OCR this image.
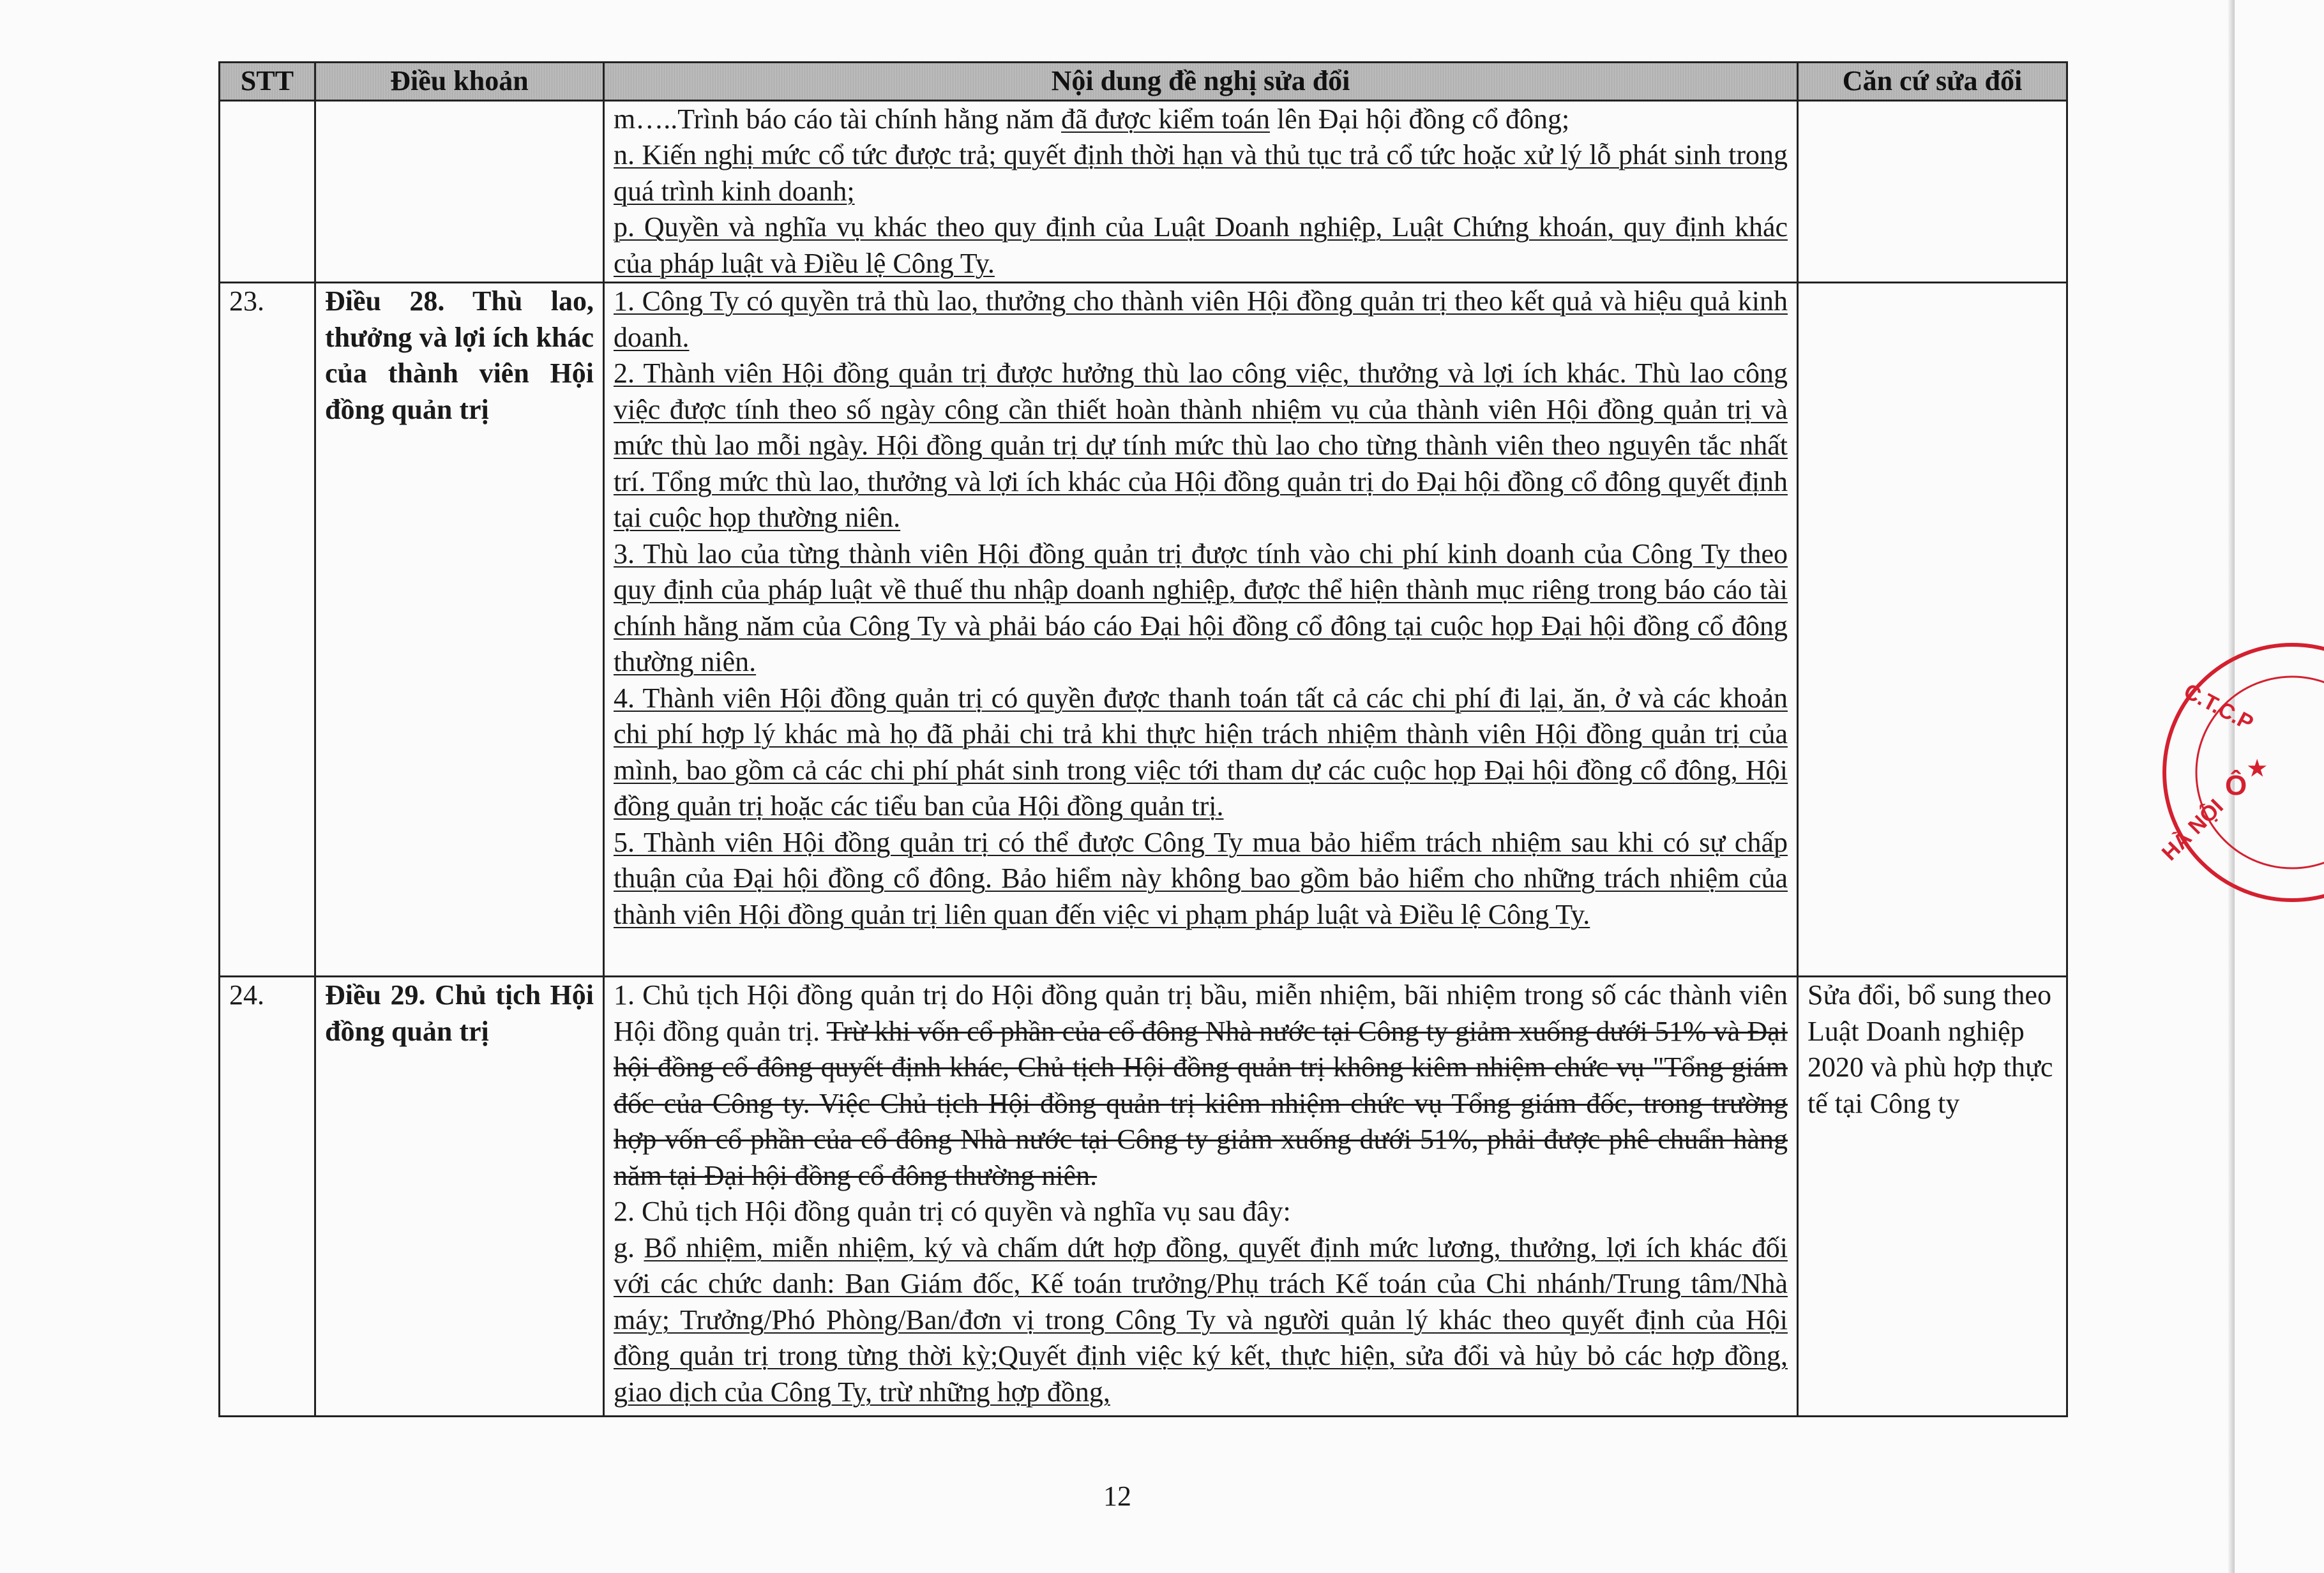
STT	Điều khoản	Nội dung đề nghị sửa đổi	Căn cứ sửa đổi

		m…..Trình báo cáo tài chính hằng năm đã được kiểm toán lên Đại hội đồng cổ đông;
n. Kiến nghị mức cổ tức được trả; quyết định thời hạn và thủ tục trả cổ tức hoặc xử lý lỗ phát sinh trong quá trình kinh doanh;
p. Quyền và nghĩa vụ khác theo quy định của Luật Doanh nghiệp, Luật Chứng khoán, quy định khác của pháp luật và Điều lệ Công Ty.	

23.	Điều 28. Thù lao, thưởng và lợi ích khác của thành viên Hội đồng quản trị	1. Công Ty có quyền trả thù lao, thưởng cho thành viên Hội đồng quản trị theo kết quả và hiệu quả kinh doanh.
2. Thành viên Hội đồng quản trị được hưởng thù lao công việc, thưởng và lợi ích khác. Thù lao công việc được tính theo số ngày công cần thiết hoàn thành nhiệm vụ của thành viên Hội đồng quản trị và mức thù lao mỗi ngày. Hội đồng quản trị dự tính mức thù lao cho từng thành viên theo nguyên tắc nhất trí. Tổng mức thù lao, thưởng và lợi ích khác của Hội đồng quản trị do Đại hội đồng cổ đông quyết định tại cuộc họp thường niên.
3. Thù lao của từng thành viên Hội đồng quản trị được tính vào chi phí kinh doanh của Công Ty theo quy định của pháp luật về thuế thu nhập doanh nghiệp, được thể hiện thành mục riêng trong báo cáo tài chính hằng năm của Công Ty và phải báo cáo Đại hội đồng cổ đông tại cuộc họp Đại hội đồng cổ đông thường niên.
4. Thành viên Hội đồng quản trị có quyền được thanh toán tất cả các chi phí đi lại, ăn, ở và các khoản chi phí hợp lý khác mà họ đã phải chi trả khi thực hiện trách nhiệm thành viên Hội đồng quản trị của mình, bao gồm cả các chi phí phát sinh trong việc tới tham dự các cuộc họp Đại hội đồng cổ đông, Hội đồng quản trị hoặc các tiểu ban của Hội đồng quản trị.
5. Thành viên Hội đồng quản trị có thể được Công Ty mua bảo hiểm trách nhiệm sau khi có sự chấp thuận của Đại hội đồng cổ đông. Bảo hiểm này không bao gồm bảo hiểm cho những trách nhiệm của thành viên Hội đồng quản trị liên quan đến việc vi phạm pháp luật và Điều lệ Công Ty.	

24.	Điều 29. Chủ tịch Hội đồng quản trị	1. Chủ tịch Hội đồng quản trị do Hội đồng quản trị bầu, miễn nhiệm, bãi nhiệm trong số các thành viên Hội đồng quản trị. Trừ khi vốn cổ phần của cổ đông Nhà nước tại Công ty giảm xuống dưới 51% và Đại hội đồng cổ đông quyết định khác, Chủ tịch Hội đồng quản trị không kiêm nhiệm chức vụ "Tổng giám đốc của Công ty. Việc Chủ tịch Hội đồng quản trị kiêm nhiệm chức vụ Tổng giám đốc, trong trường hợp vốn cổ phần của cổ đông Nhà nước tại Công ty giảm xuống dưới 51%, phải được phê chuẩn hàng năm tại Đại hội đồng cổ đông thường niên.
2. Chủ tịch Hội đồng quản trị có quyền và nghĩa vụ sau đây:
g. Bổ nhiệm, miễn nhiệm, ký và chấm dứt hợp đồng, quyết định mức lương, thưởng, lợi ích khác đối với các chức danh: Ban Giám đốc, Kế toán trưởng/Phụ trách Kế toán của Chi nhánh/Trung tâm/Nhà máy; Trưởng/Phó Phòng/Ban/đơn vị trong Công Ty và người quản lý khác theo quyết định của Hội đồng quản trị trong từng thời kỳ;Quyết định việc ký kết, thực hiện, sửa đổi và hủy bỏ các hợp đồng, giao dịch của Công Ty, trừ những hợp đồng,	Sửa đổi, bổ sung theo Luật Doanh nghiệp 2020 và phù hợp thực tế tại Công ty
12
C.T.C.P
Ô
HÀ NỘI
★
